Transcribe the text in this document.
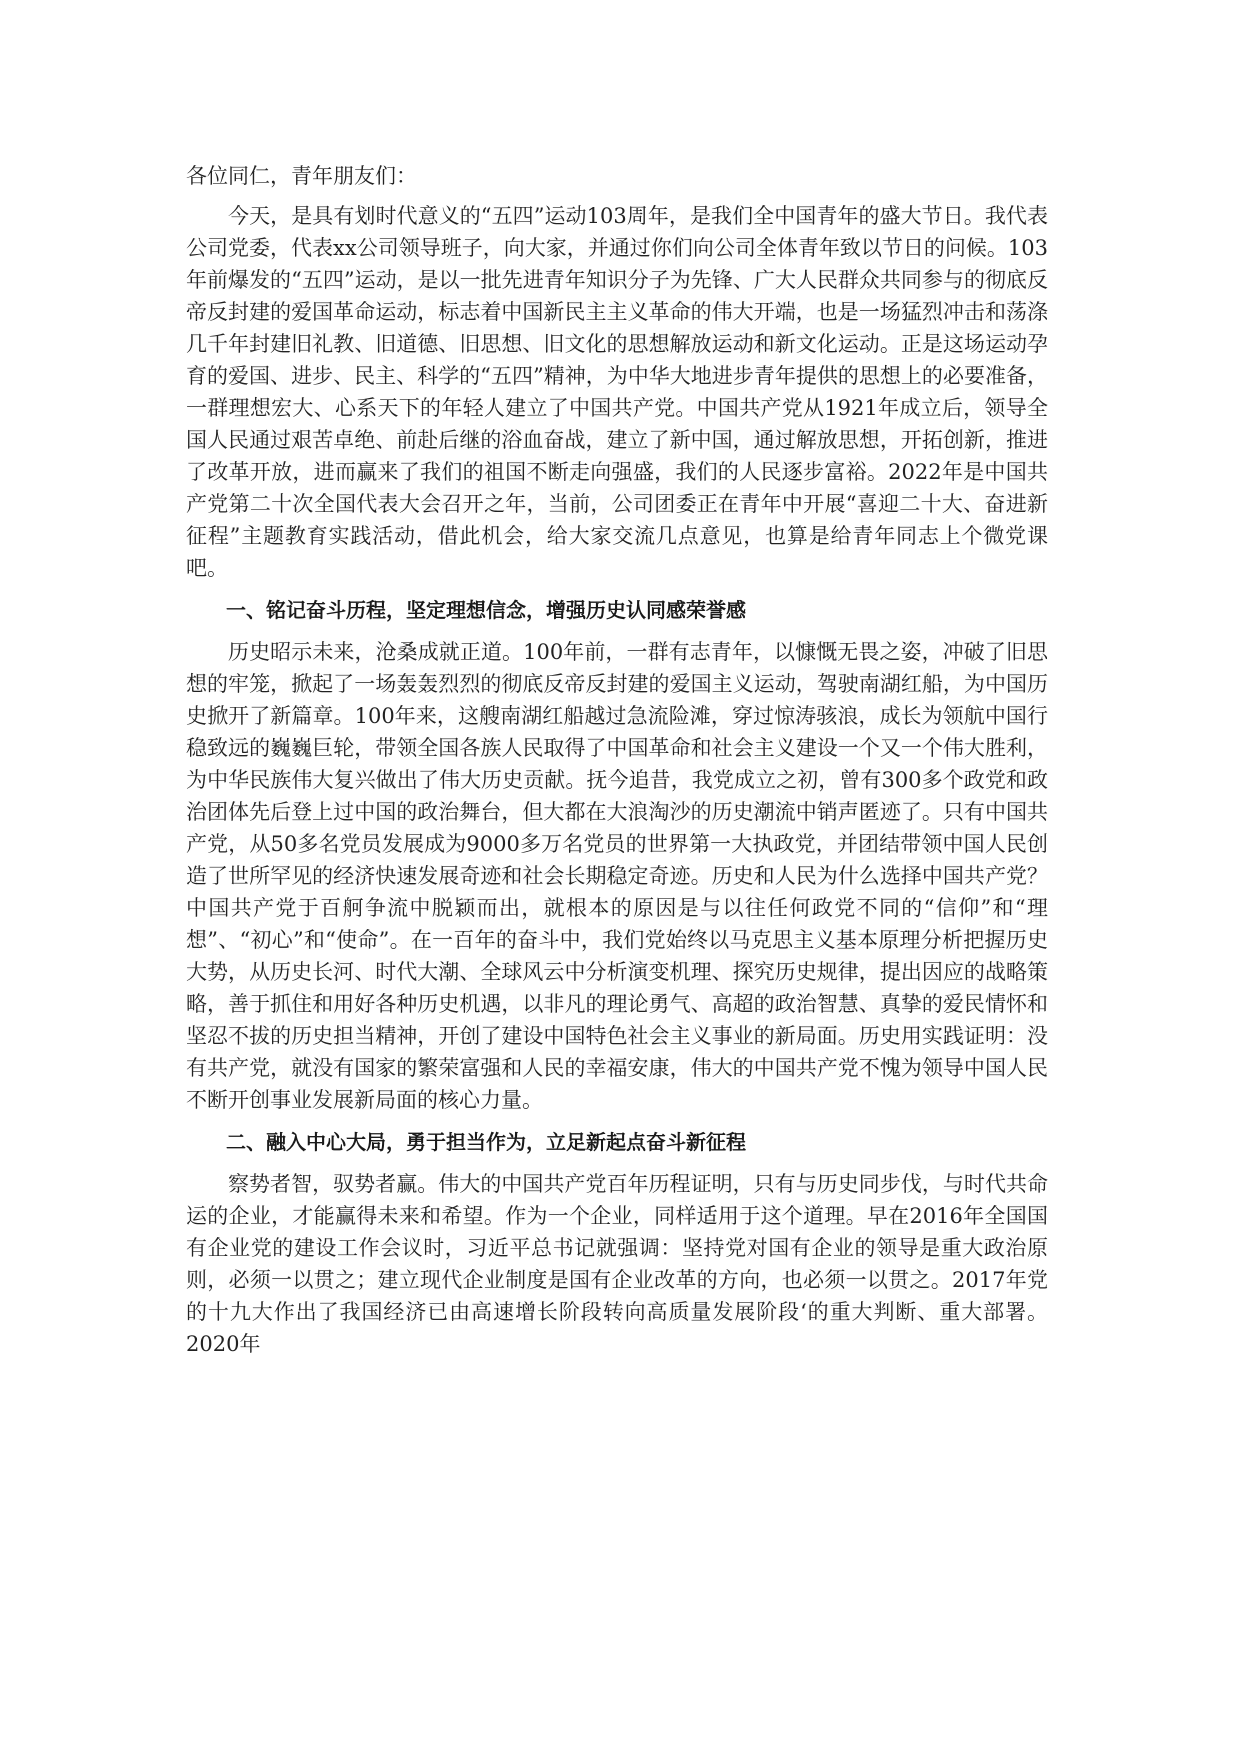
各位同仁，青年朋友们：

今天，是具有划时代意义的“五四”运动103周年，是我们全中国青年的盛大节日。我代表公司党委，代表xx公司领导班子，向大家，并通过你们向公司全体青年致以节日的问候。103年前爆发的“五四”运动，是以一批先进青年知识分子为先锋、广大人民群众共同参与的彻底反帝反封建的爱国革命运动，标志着中国新民主主义革命的伟大开端，也是一场猛烈冲击和荡涤几千年封建旧礼教、旧道德、旧思想、旧文化的思想解放运动和新文化运动。正是这场运动孕育的爱国、进步、民主、科学的“五四”精神，为中华大地进步青年提供的思想上的必要准备，一群理想宏大、心系天下的年轻人建立了中国共产党。中国共产党从1921年成立后，领导全国人民通过艰苦卓绝、前赴后继的浴血奋战，建立了新中国，通过解放思想，开拓创新，推进了改革开放，进而赢来了我们的祖国不断走向强盛，我们的人民逐步富裕。2022年是中国共产党第二十次全国代表大会召开之年，当前，公司团委正在青年中开展“喜迎二十大、奋进新征程”主题教育实践活动，借此机会，给大家交流几点意见，也算是给青年同志上个微党课吧。

一、铭记奋斗历程，坚定理想信念，增强历史认同感荣誉感

历史昭示未来，沧桑成就正道。100年前，一群有志青年，以慷慨无畏之姿，冲破了旧思想的牢笼，掀起了一场轰轰烈烈的彻底反帝反封建的爱国主义运动，驾驶南湖红船，为中国历史掀开了新篇章。100年来，这艘南湖红船越过急流险滩，穿过惊涛骇浪，成长为领航中国行稳致远的巍巍巨轮，带领全国各族人民取得了中国革命和社会主义建设一个又一个伟大胜利，为中华民族伟大复兴做出了伟大历史贡献。抚今追昔，我党成立之初，曾有300多个政党和政治团体先后登上过中国的政治舞台，但大都在大浪淘沙的历史潮流中销声匿迹了。只有中国共产党，从50多名党员发展成为9000多万名党员的世界第一大执政党，并团结带领中国人民创造了世所罕见的经济快速发展奇迹和社会长期稳定奇迹。历史和人民为什么选择中国共产党？中国共产党于百舸争流中脱颖而出，就根本的原因是与以往任何政党不同的“信仰”和“理想”、“初心”和“使命”。在一百年的奋斗中，我们党始终以马克思主义基本原理分析把握历史大势，从历史长河、时代大潮、全球风云中分析演变机理、探究历史规律，提出因应的战略策略，善于抓住和用好各种历史机遇，以非凡的理论勇气、高超的政治智慧、真挚的爱民情怀和坚忍不拔的历史担当精神，开创了建设中国特色社会主义事业的新局面。历史用实践证明：没有共产党，就没有国家的繁荣富强和人民的幸福安康，伟大的中国共产党不愧为领导中国人民不断开创事业发展新局面的核心力量。

二、融入中心大局，勇于担当作为，立足新起点奋斗新征程

察势者智，驭势者赢。伟大的中国共产党百年历程证明，只有与历史同步伐，与时代共命运的企业，才能赢得未来和希望。作为一个企业，同样适用于这个道理。早在2016年全国国有企业党的建设工作会议时，习近平总书记就强调：坚持党对国有企业的领导是重大政治原则，必须一以贯之；建立现代企业制度是国有企业改革的方向，也必须一以贯之。2017年党的十九大作出了我国经济已由高速增长阶段转向高质量发展阶段‘的重大判断、重大部署。2020年
